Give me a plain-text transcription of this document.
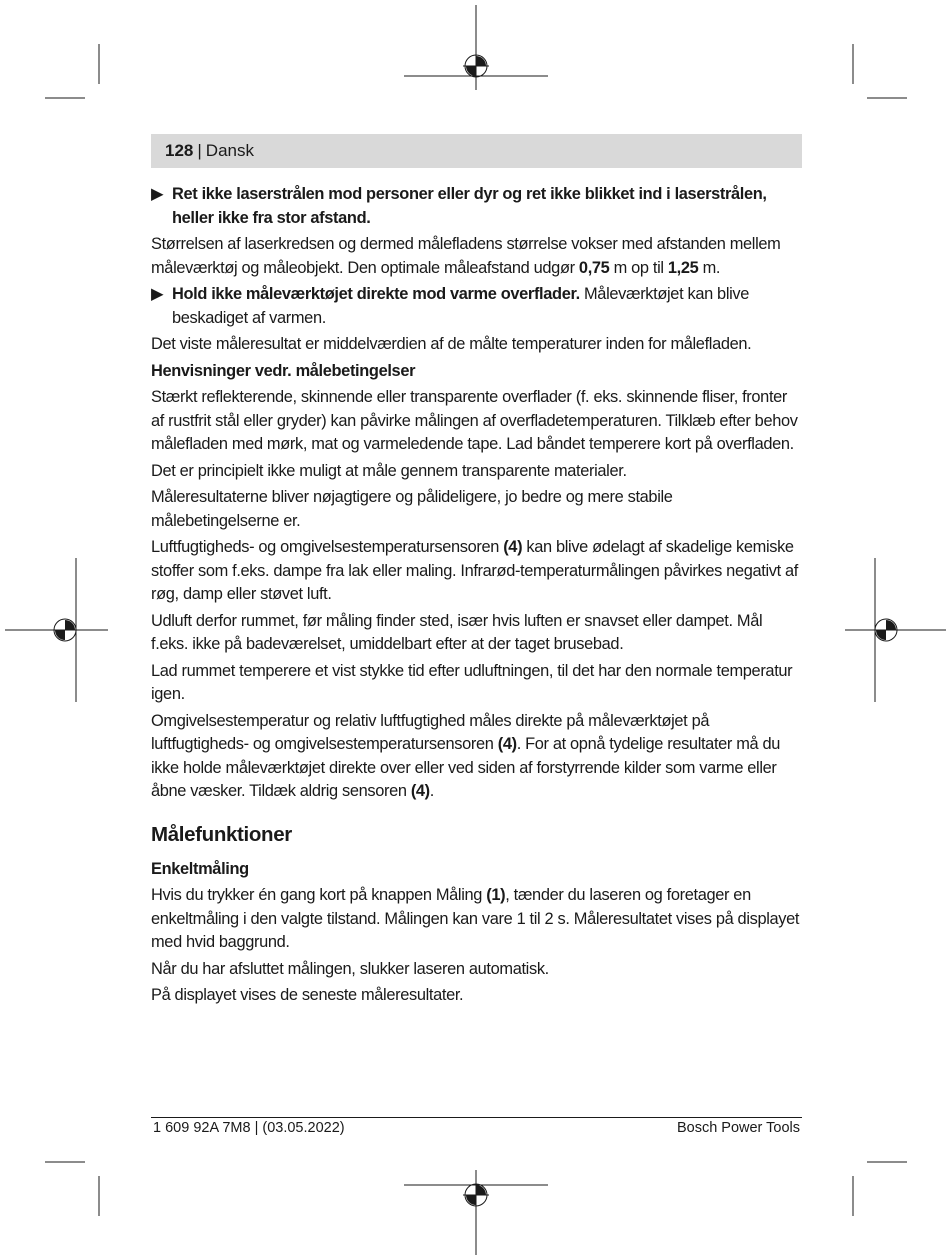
128 | Dansk
▶ Ret ikke laserstrålen mod personer eller dyr og ret ikke blikket ind i laserstrålen, heller ikke fra stor afstand.

Størrelsen af laserkredsen og dermed målefladens størrelse vokser med afstanden mellem måleværktøj og måleobjekt. Den optimale måleafstand udgør 0,75 m op til 1,25 m.

▶ Hold ikke måleværktøjet direkte mod varme overflader. Måleværktøjet kan blive beskadiget af varmen.

Det viste måleresultat er middelværdien af de målte temperaturer inden for målefladen.

Henvisninger vedr. målebetingelser

Stærkt reflekterende, skinnende eller transparente overflader (f. eks. skinnende fliser, fronter af rustfrit stål eller gryder) kan påvirke målingen af overfladetemperaturen. Tilklæb efter behov målefladen med mørk, mat og varmeledende tape. Lad båndet temperere kort på overfladen.

Det er principielt ikke muligt at måle gennem transparente materialer.

Måleresultaterne bliver nøjagtigere og pålideligere, jo bedre og mere stabile målebetingelserne er.

Luftfugtigheds- og omgivelsestemperatursensoren (4) kan blive ødelagt af skadelige kemiske stoffer som f.eks. dampe fra lak eller maling. Infrarød-temperaturmålingen påvirkes negativt af røg, damp eller støvet luft.

Udluft derfor rummet, før måling finder sted, især hvis luften er snavset eller dampet. Mål f.eks. ikke på badeværelset, umiddelbart efter at der taget brusebad.

Lad rummet temperere et vist stykke tid efter udluftningen, til det har den normale temperatur igen.

Omgivelsestemperatur og relativ luftfugtighed måles direkte på måleværktøjet på luftfugtigheds- og omgivelsestemperatursensoren (4). For at opnå tydelige resultater må du ikke holde måleværktøjet direkte over eller ved siden af forstyrrende kilder som varme eller åbne væsker. Tildæk aldrig sensoren (4).

Målefunktioner
Enkeltmåling

Hvis du trykker én gang kort på knappen Måling (1), tænder du laseren og foretager en enkeltmåling i den valgte tilstand. Målingen kan vare 1 til 2 s. Måleresultatet vises på displayet med hvid baggrund.

Når du har afsluttet målingen, slukker laseren automatisk.

På displayet vises de seneste måleresultater.

1 609 92A 7M8 | (03.05.2022)	Bosch Power Tools
